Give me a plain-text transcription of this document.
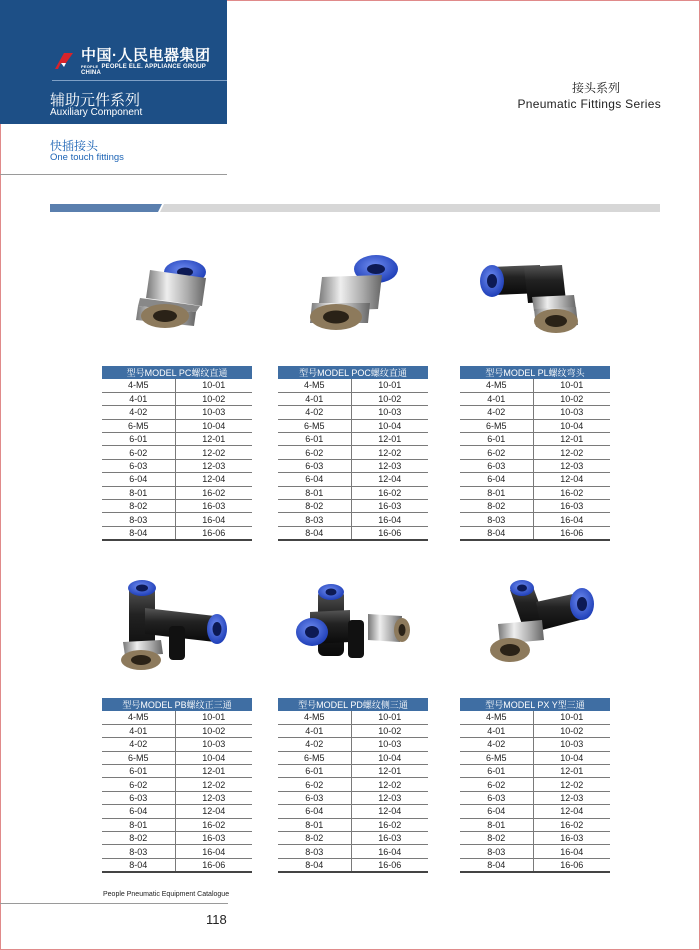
中国·人民电器集团
PEOPLE PEOPLE ELE. APPLIANCE GROUP CHINA
辅助元件系列
Auxiliary Component
快插接头
One touch fittings
接头系列
Pneumatic Fittings Series
型号MODEL PC螺纹直通	
4-M5	10-01
4-01	10-02
4-02	10-03
6-M5	10-04
6-01	12-01
6-02	12-02
6-03	12-03
6-04	12-04
8-01	16-02
8-02	16-03
8-03	16-04
8-04	16-06
型号MODEL POC螺纹直通	
4-M5	10-01
4-01	10-02
4-02	10-03
6-M5	10-04
6-01	12-01
6-02	12-02
6-03	12-03
6-04	12-04
8-01	16-02
8-02	16-03
8-03	16-04
8-04	16-06
型号MODEL PL螺纹弯头	
4-M5	10-01
4-01	10-02
4-02	10-03
6-M5	10-04
6-01	12-01
6-02	12-02
6-03	12-03
6-04	12-04
8-01	16-02
8-02	16-03
8-03	16-04
8-04	16-06
型号MODEL PB螺纹正三通	
4-M5	10-01
4-01	10-02
4-02	10-03
6-M5	10-04
6-01	12-01
6-02	12-02
6-03	12-03
6-04	12-04
8-01	16-02
8-02	16-03
8-03	16-04
8-04	16-06
型号MODEL PD螺纹侧三通	
4-M5	10-01
4-01	10-02
4-02	10-03
6-M5	10-04
6-01	12-01
6-02	12-02
6-03	12-03
6-04	12-04
8-01	16-02
8-02	16-03
8-03	16-04
8-04	16-06
型号MODEL PX Y型三通	
4-M5	10-01
4-01	10-02
4-02	10-03
6-M5	10-04
6-01	12-01
6-02	12-02
6-03	12-03
6-04	12-04
8-01	16-02
8-02	16-03
8-03	16-04
8-04	16-06
People Pneumatic Equipment Catalogue
118
